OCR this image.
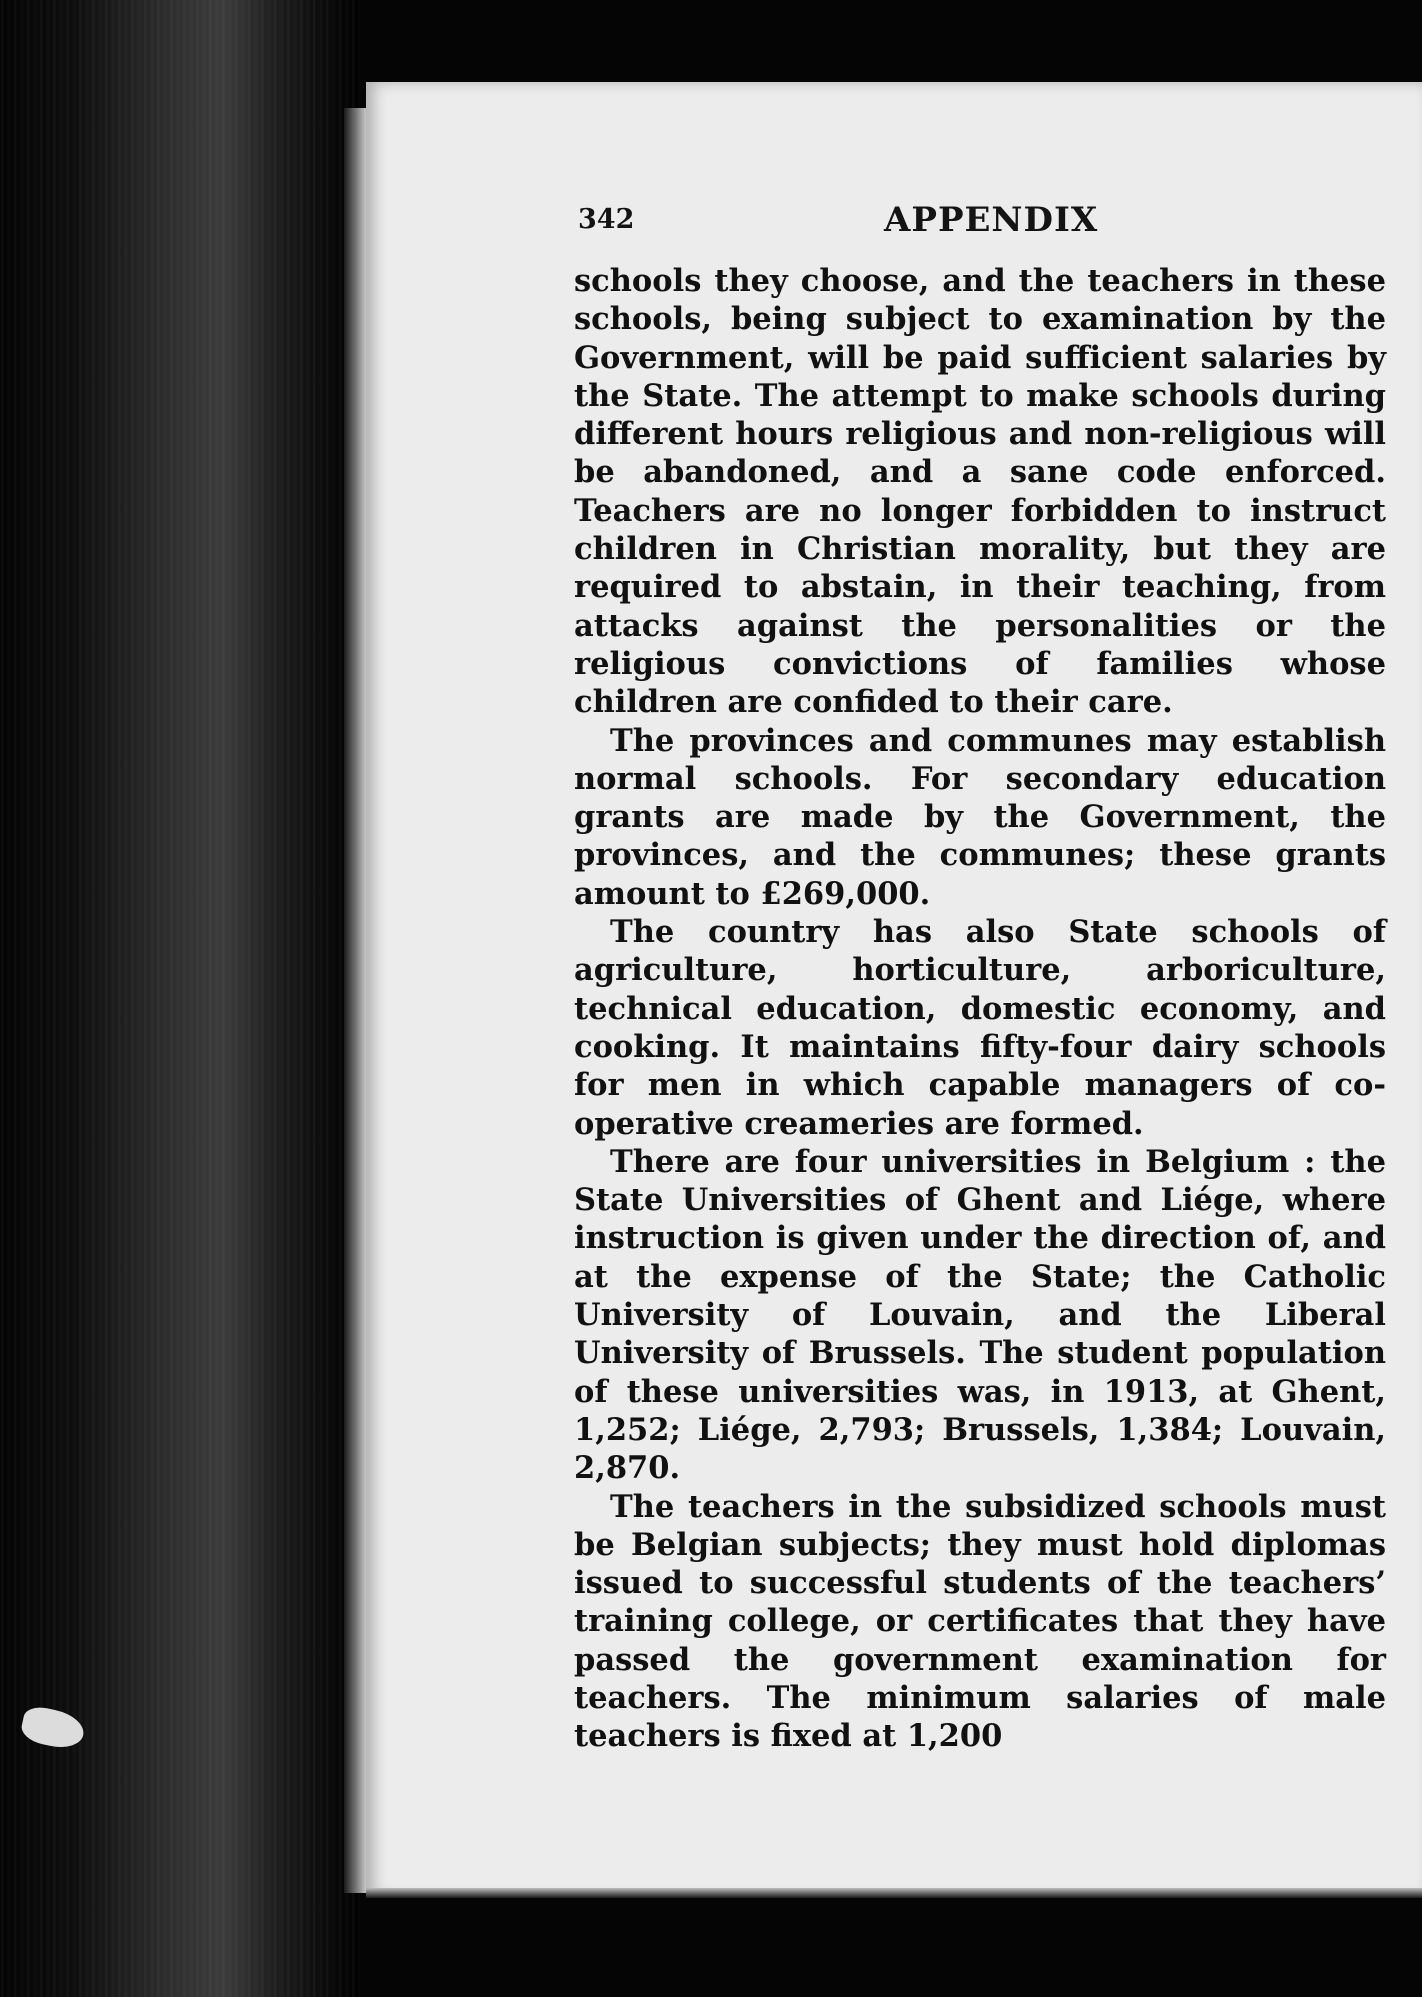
342	APPENDIX

schools they choose, and the teachers in these schools, being subject to examination by the Government, will be paid sufficient salaries by the State. The attempt to make schools during different hours religious and non-religious will be abandoned, and a sane code enforced. Teachers are no longer forbidden to instruct children in Christian morality, but they are required to abstain, in their teaching, from attacks against the personalities or the religious convictions of families whose children are confided to their care.

The provinces and communes may establish normal schools. For secondary education grants are made by the Government, the provinces, and the communes; these grants amount to £269,000.

The country has also State schools of agriculture, horticulture, arboriculture, technical education, domestic economy, and cooking. It maintains fifty-four dairy schools for men in which capable managers of co-operative creameries are formed.

There are four universities in Belgium : the State Universities of Ghent and Liége, where instruction is given under the direction of, and at the expense of the State; the Catholic University of Louvain, and the Liberal University of Brussels. The student population of these universities was, in 1913, at Ghent, 1,252; Liége, 2,793; Brussels, 1,384; Louvain, 2,870.

The teachers in the subsidized schools must be Belgian subjects; they must hold diplomas issued to successful students of the teachers’ training college, or certificates that they have passed the government examination for teachers. The minimum salaries of male teachers is fixed at 1,200
